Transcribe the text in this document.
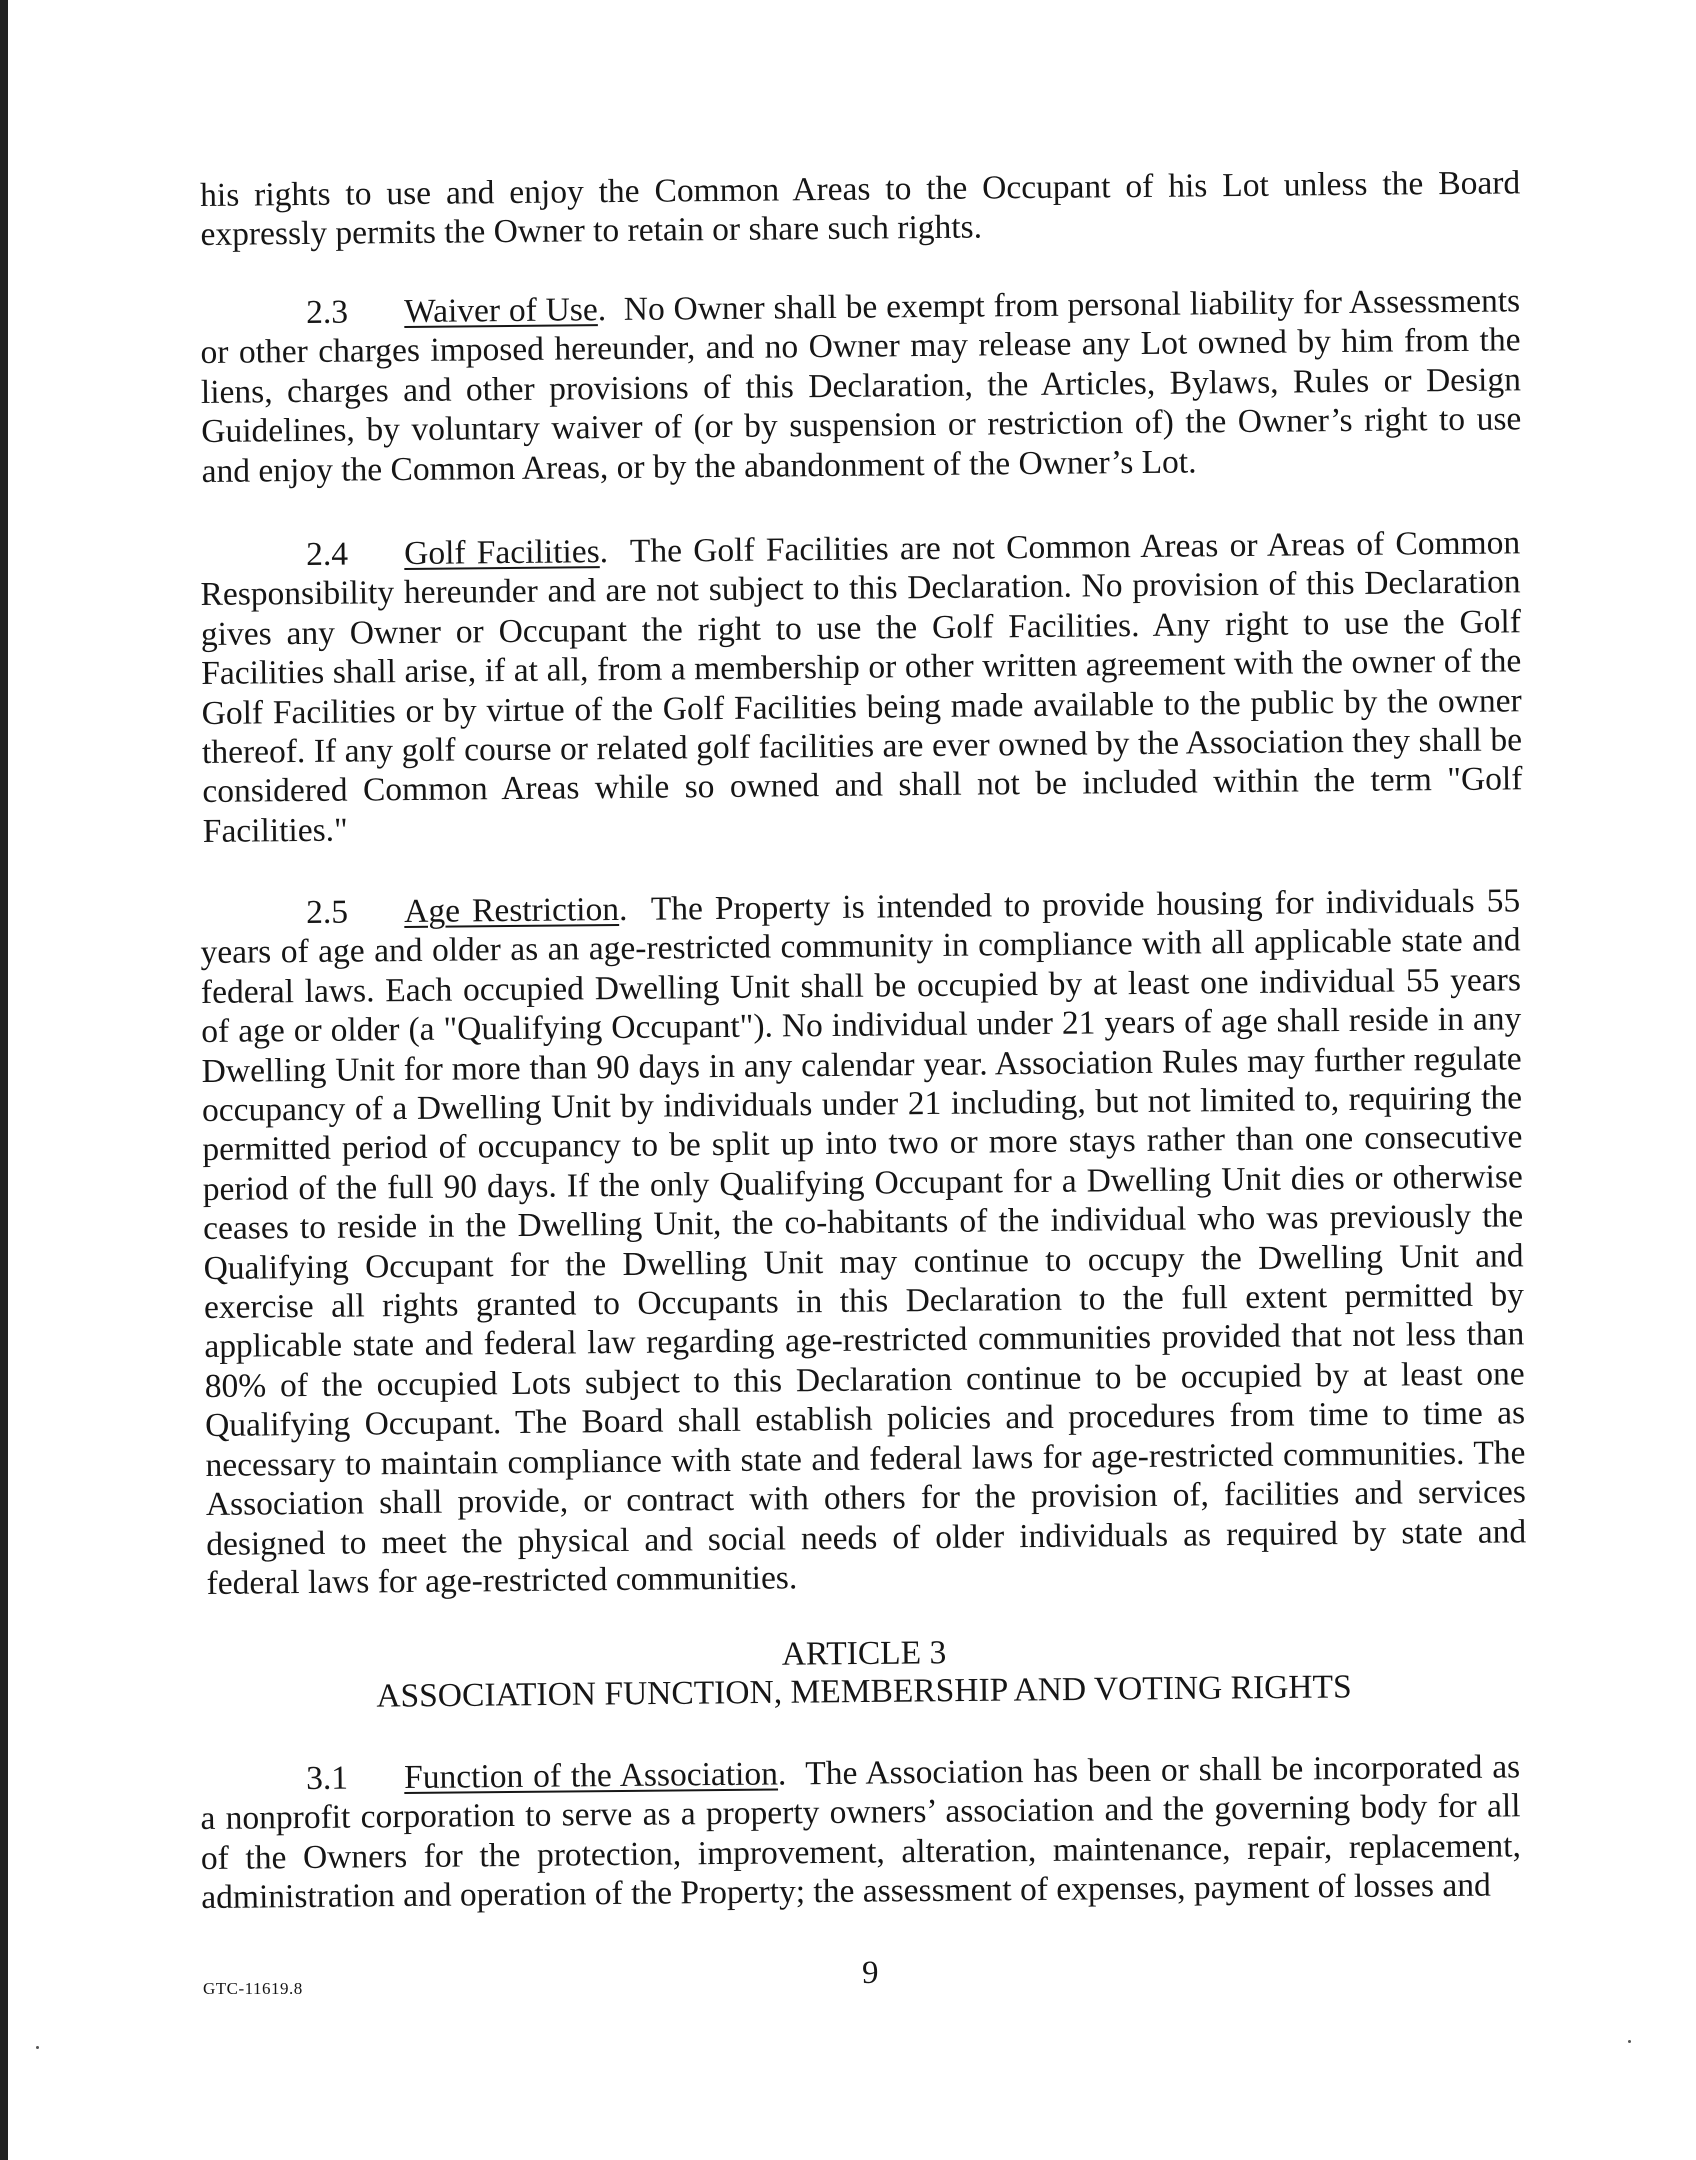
his rights to use and enjoy the Common Areas to the Occupant of his Lot unless the Board expressly permits the Owner to retain or share such rights.

2.3 Waiver of Use.  No Owner shall be exempt from personal liability for Assessments or other charges imposed hereunder, and no Owner may release any Lot owned by him from the liens, charges and other provisions of this Declaration, the Articles, Bylaws, Rules or Design Guidelines, by voluntary waiver of (or by suspension or restriction of) the Owner’s right to use and enjoy the Common Areas, or by the abandonment of the Owner’s Lot.

2.4 Golf Facilities.  The Golf Facilities are not Common Areas or Areas of Common Responsibility hereunder and are not subject to this Declaration. No provision of this Declaration gives any Owner or Occupant the right to use the Golf Facilities. Any right to use the Golf Facilities shall arise, if at all, from a membership or other written agreement with the owner of the Golf Facilities or by virtue of the Golf Facilities being made available to the public by the owner thereof. If any golf course or related golf facilities are ever owned by the Association they shall be considered Common Areas while so owned and shall not be included within the term "Golf Facilities."

2.5 Age Restriction.  The Property is intended to provide housing for individuals 55 years of age and older as an age-restricted community in compliance with all applicable state and federal laws. Each occupied Dwelling Unit shall be occupied by at least one individual 55 years of age or older (a "Qualifying Occupant"). No individual under 21 years of age shall reside in any Dwelling Unit for more than 90 days in any calendar year. Association Rules may further regulate occupancy of a Dwelling Unit by individuals under 21 including, but not limited to, requiring the permitted period of occupancy to be split up into two or more stays rather than one consecutive period of the full 90 days. If the only Qualifying Occupant for a Dwelling Unit dies or otherwise ceases to reside in the Dwelling Unit, the co-habitants of the individual who was previously the Qualifying Occupant for the Dwelling Unit may continue to occupy the Dwelling Unit and exercise all rights granted to Occupants in this Declaration to the full extent permitted by applicable state and federal law regarding age-restricted communities provided that not less than 80% of the occupied Lots subject to this Declaration continue to be occupied by at least one Qualifying Occupant. The Board shall establish policies and procedures from time to time as necessary to maintain compliance with state and federal laws for age-restricted communities. The Association shall provide, or contract with others for the provision of, facilities and services designed to meet the physical and social needs of older individuals as required by state and federal laws for age-restricted communities.

ARTICLE 3
ASSOCIATION FUNCTION, MEMBERSHIP AND VOTING RIGHTS

3.1 Function of the Association.  The Association has been or shall be incorporated as a nonprofit corporation to serve as a property owners’ association and the governing body for all of the Owners for the protection, improvement, alteration, maintenance, repair, replacement, administration and operation of the Property; the assessment of expenses, payment of losses and

GTC-11619.8	9
